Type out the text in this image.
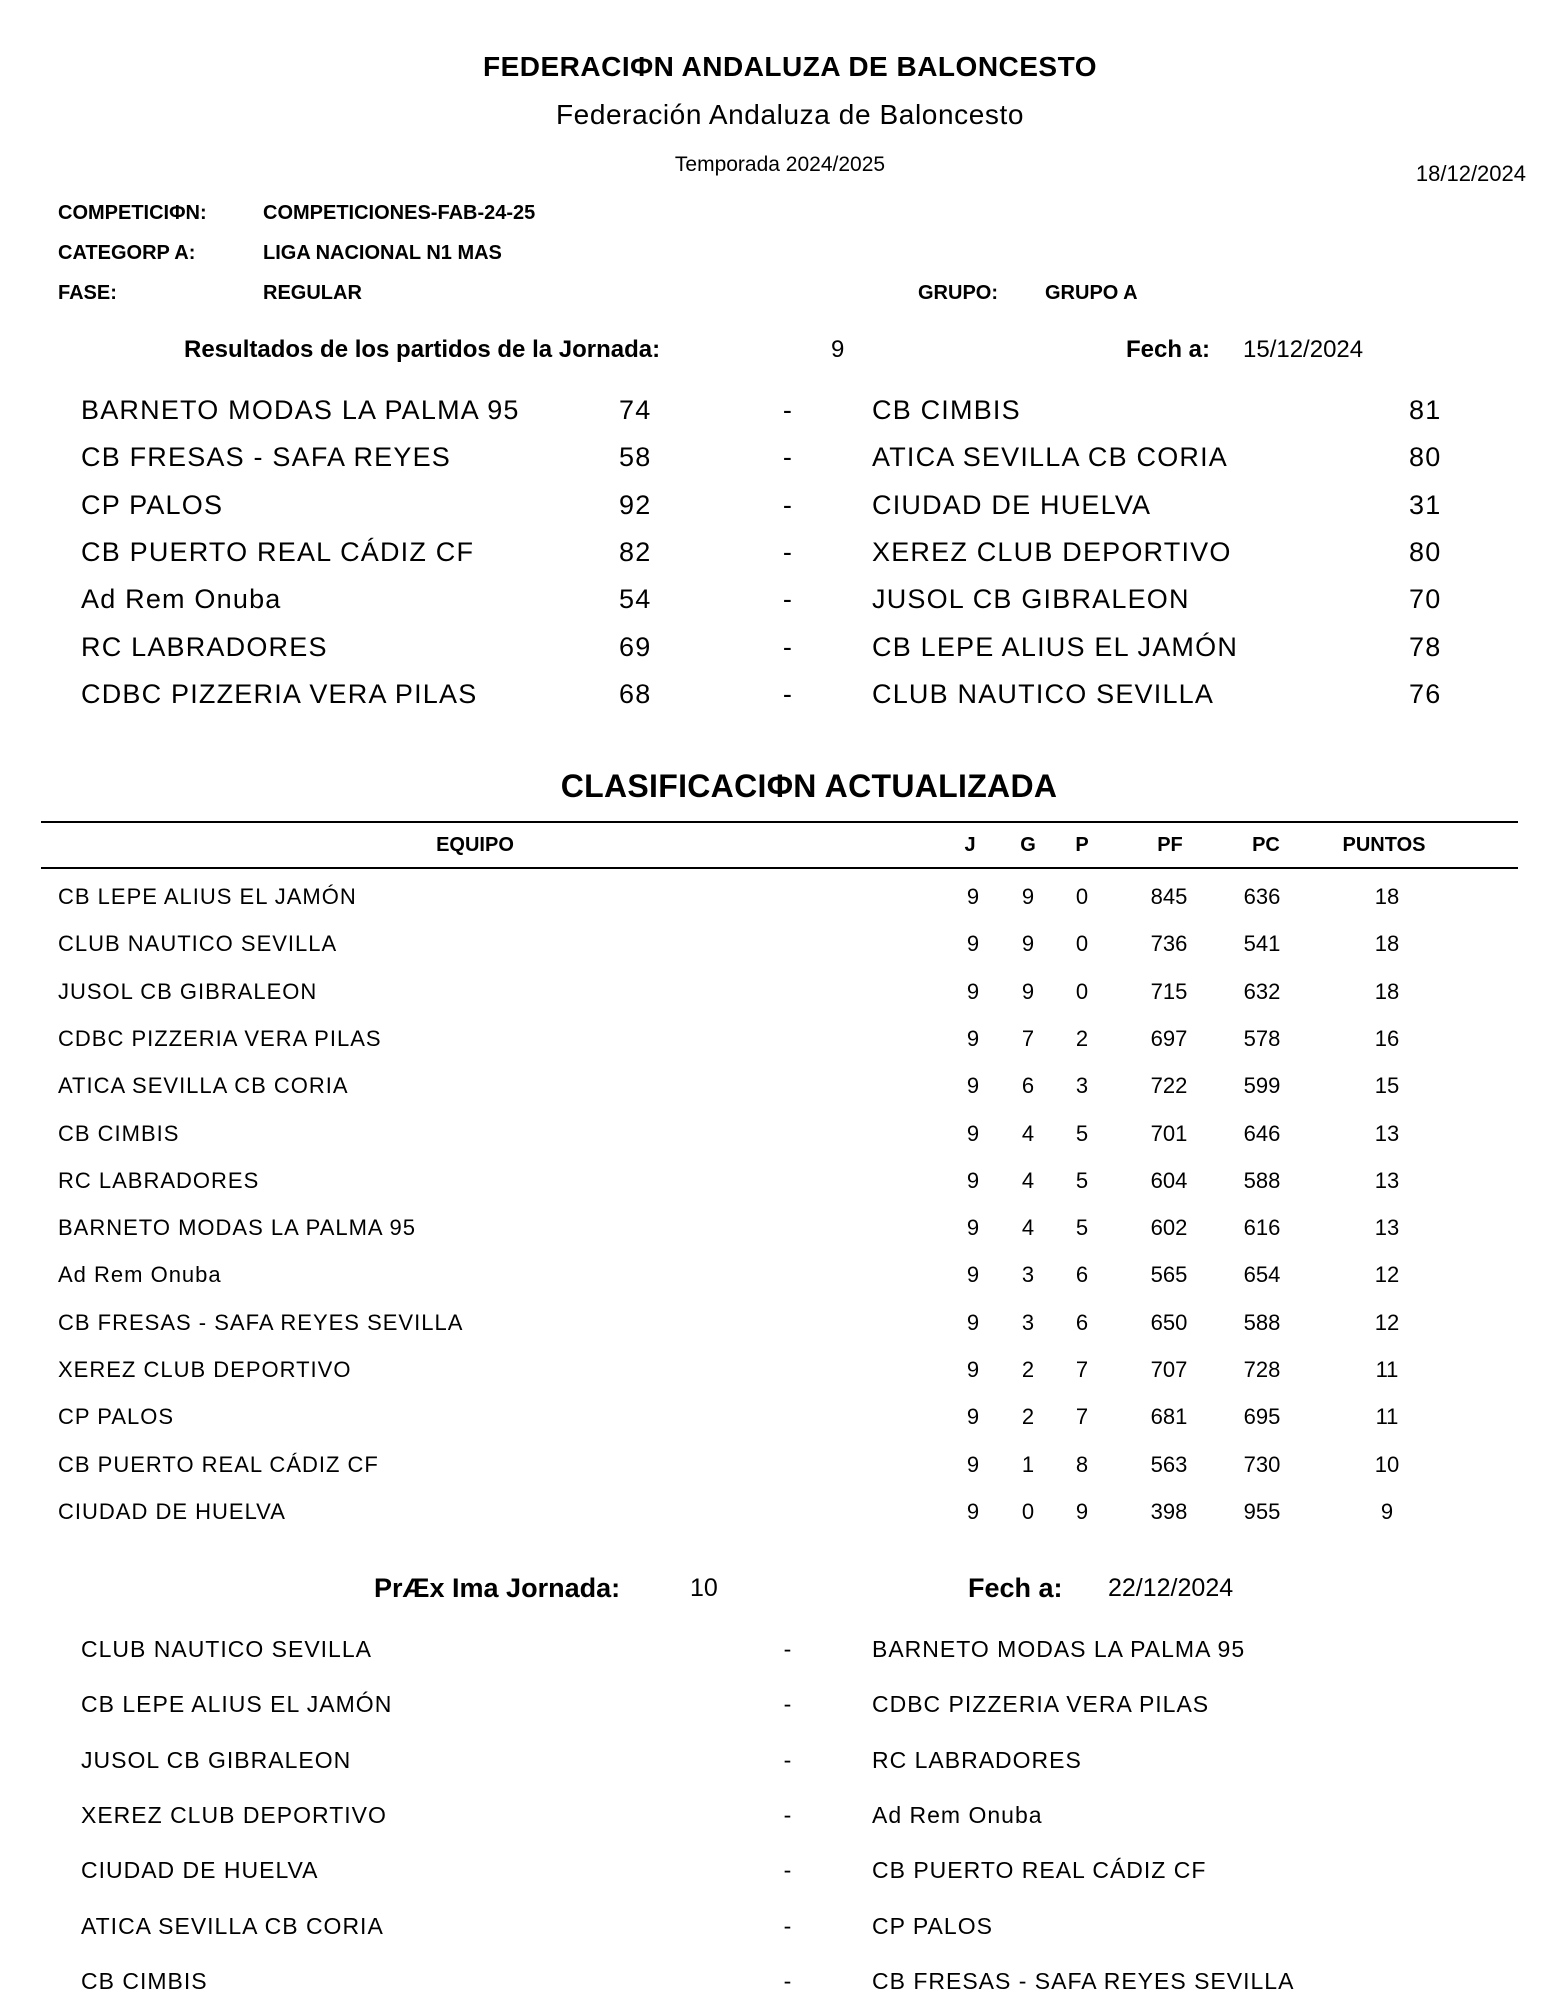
FEDERACIΦN ANDALUZA DE BALONCESTO
Federación Andaluza de Baloncesto
Temporada 2024/2025	18/12/2024
COMPETICIΦN:	COMPETICIONES-FAB-24-25
CATEGORP A:	LIGA NACIONAL N1 MAS
FASE:	REGULAR	GRUPO: GRUPO A
Resultados de los partidos de la Jornada:	9	Fech a: 15/12/2024
BARNETO MODAS LA PALMA 95	74	-	CB CIMBIS	81
CB FRESAS - SAFA REYES	58	-	ATICA SEVILLA CB CORIA	80
CP PALOS	92	-	CIUDAD DE HUELVA	31
CB PUERTO REAL CÁDIZ CF	82	-	XEREZ CLUB DEPORTIVO	80
Ad Rem Onuba	54	-	JUSOL CB GIBRALEON	70
RC LABRADORES	69	-	CB LEPE ALIUS EL JAMÓN	78
CDBC PIZZERIA VERA PILAS	68	-	CLUB NAUTICO SEVILLA	76
CLASIFICACIΦN ACTUALIZADA
EQUIPO	J	G	P	PF	PC	PUNTOS
CB LEPE ALIUS EL JAMÓN	9	9	0	845	636	18
CLUB NAUTICO SEVILLA	9	9	0	736	541	18
JUSOL CB GIBRALEON	9	9	0	715	632	18
CDBC PIZZERIA VERA PILAS	9	7	2	697	578	16
ATICA SEVILLA CB CORIA	9	6	3	722	599	15
CB CIMBIS	9	4	5	701	646	13
RC LABRADORES	9	4	5	604	588	13
BARNETO MODAS LA PALMA 95	9	4	5	602	616	13
Ad Rem Onuba	9	3	6	565	654	12
CB FRESAS - SAFA REYES SEVILLA	9	3	6	650	588	12
XEREZ CLUB DEPORTIVO	9	2	7	707	728	11
CP PALOS	9	2	7	681	695	11
CB PUERTO REAL CÁDIZ CF	9	1	8	563	730	10
CIUDAD DE HUELVA	9	0	9	398	955	9
PrÆx Ima Jornada:	10	Fech a: 22/12/2024
CLUB NAUTICO SEVILLA	-	BARNETO MODAS LA PALMA 95
CB LEPE ALIUS EL JAMÓN	-	CDBC PIZZERIA VERA PILAS
JUSOL CB GIBRALEON	-	RC LABRADORES
XEREZ CLUB DEPORTIVO	-	Ad Rem Onuba
CIUDAD DE HUELVA	-	CB PUERTO REAL CÁDIZ CF
ATICA SEVILLA CB CORIA	-	CP PALOS
CB CIMBIS	-	CB FRESAS - SAFA REYES SEVILLA
